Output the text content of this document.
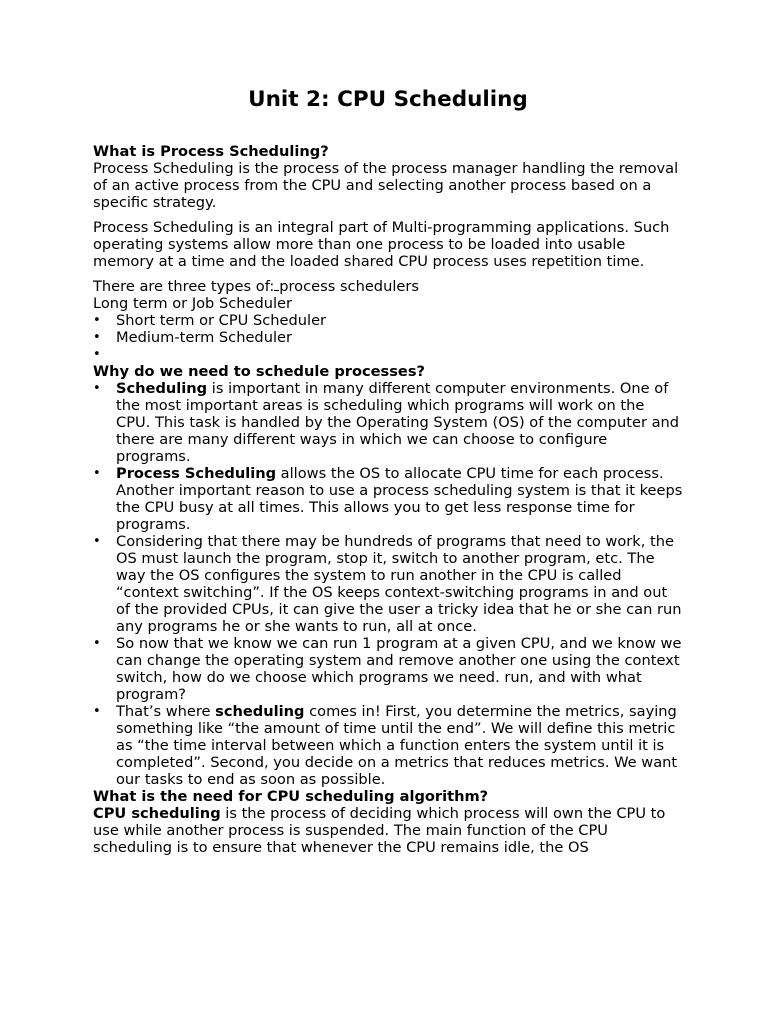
Unit 2: CPU Scheduling
What is Process Scheduling?

Process Scheduling is the process of the process manager handling the removal of an active process from the CPU and selecting another process based on a specific strategy.

Process Scheduling is an integral part of Multi-programming applications. Such operating systems allow more than one process to be loaded into usable memory at a time and the loaded shared CPU process uses repetition time.

There are three types of: process schedulers

Long term or Job Scheduler

• Short term or CPU Scheduler
• Medium-term Scheduler
•
Why do we need to schedule processes?
• Scheduling is important in many different computer environments. One of the most important areas is scheduling which programs will work on the CPU. This task is handled by the Operating System (OS) of the computer and there are many different ways in which we can choose to configure programs.
• Process Scheduling allows the OS to allocate CPU time for each process. Another important reason to use a process scheduling system is that it keeps the CPU busy at all times. This allows you to get less response time for programs.
• Considering that there may be hundreds of programs that need to work, the OS must launch the program, stop it, switch to another program, etc. The way the OS configures the system to run another in the CPU is called “context switching”. If the OS keeps context-switching programs in and out of the provided CPUs, it can give the user a tricky idea that he or she can run any programs he or she wants to run, all at once.
• So now that we know we can run 1 program at a given CPU, and we know we can change the operating system and remove another one using the context switch, how do we choose which programs we need. run, and with what program?
• That’s where scheduling comes in! First, you determine the metrics, saying something like “the amount of time until the end”. We will define this metric as “the time interval between which a function enters the system until it is completed”. Second, you decide on a metrics that reduces metrics. We want our tasks to end as soon as possible.
What is the need for CPU scheduling algorithm?

CPU scheduling is the process of deciding which process will own the CPU to use while another process is suspended. The main function of the CPU scheduling is to ensure that whenever the CPU remains idle, the OS
